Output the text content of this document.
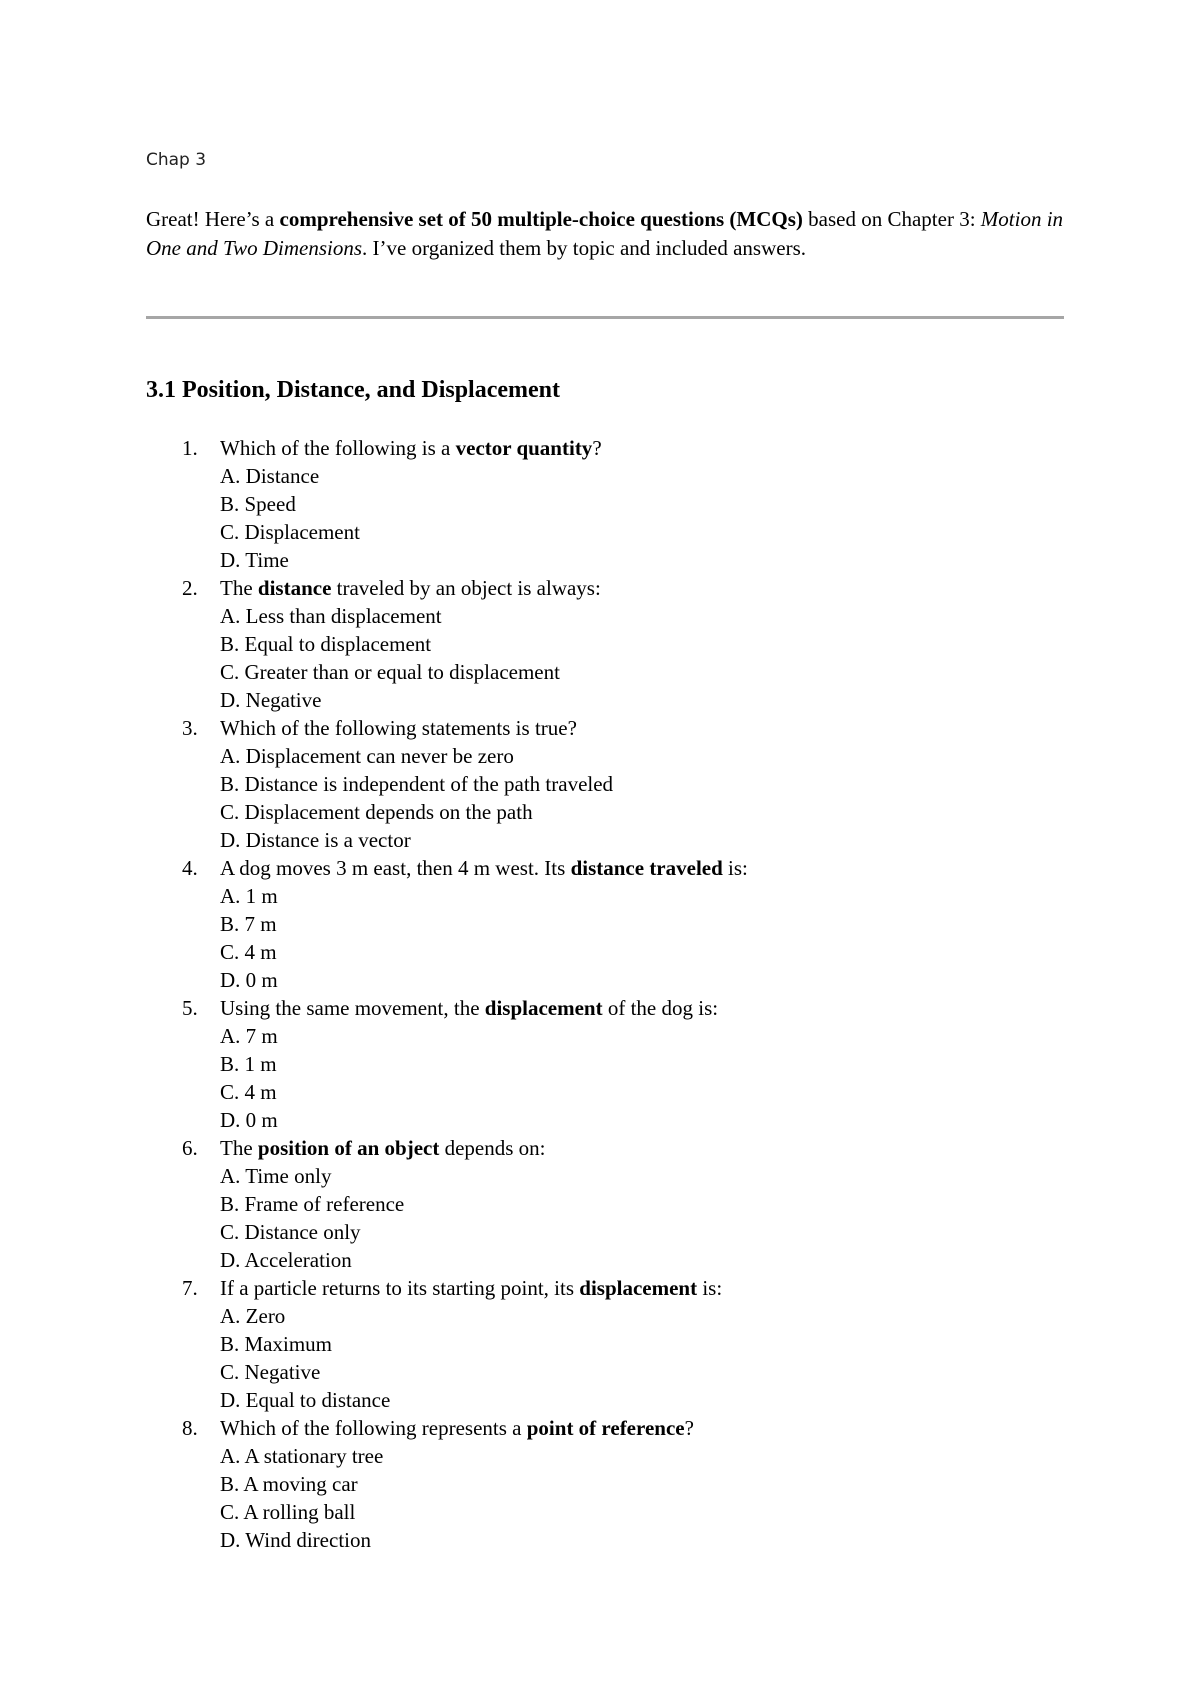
Chap 3

Great! Here’s a comprehensive set of 50 multiple-choice questions (MCQs) based on Chapter 3: Motion in One and Two Dimensions. I’ve organized them by topic and included answers.

3.1 Position, Distance, and Displacement
1. Which of the following is a vector quantity?
A. Distance
B. Speed
C. Displacement
D. Time
2. The distance traveled by an object is always:
A. Less than displacement
B. Equal to displacement
C. Greater than or equal to displacement
D. Negative
3. Which of the following statements is true?
A. Displacement can never be zero
B. Distance is independent of the path traveled
C. Displacement depends on the path
D. Distance is a vector
4. A dog moves 3 m east, then 4 m west. Its distance traveled is:
A. 1 m
B. 7 m
C. 4 m
D. 0 m
5. Using the same movement, the displacement of the dog is:
A. 7 m
B. 1 m
C. 4 m
D. 0 m
6. The position of an object depends on:
A. Time only
B. Frame of reference
C. Distance only
D. Acceleration
7. If a particle returns to its starting point, its displacement is:
A. Zero
B. Maximum
C. Negative
D. Equal to distance
8. Which of the following represents a point of reference?
A. A stationary tree
B. A moving car
C. A rolling ball
D. Wind direction
